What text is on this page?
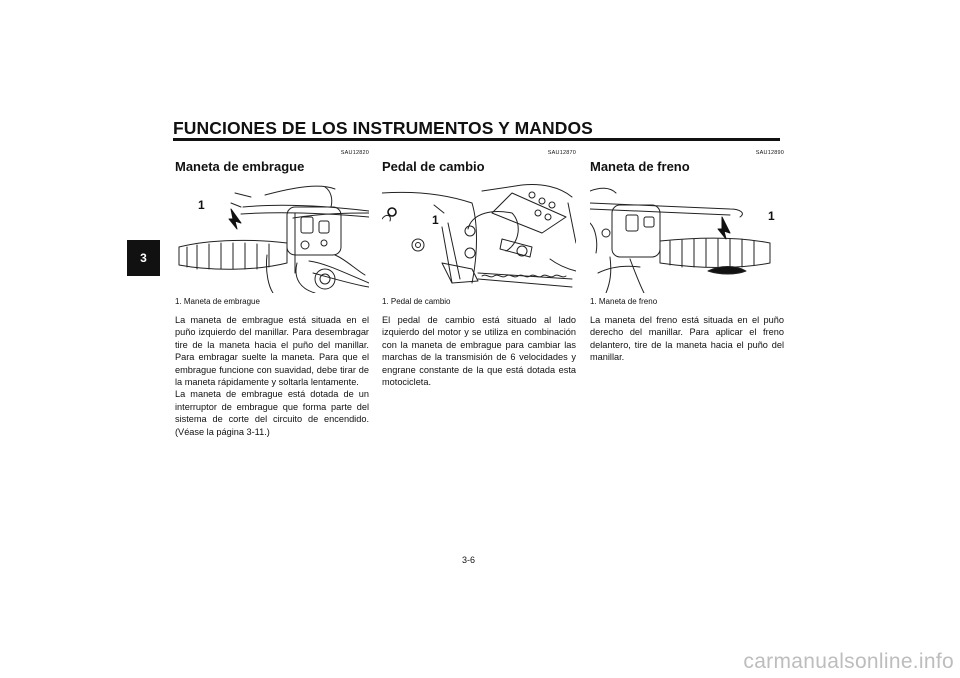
FUNCIONES DE LOS INSTRUMENTOS Y MANDOS
3
SAU12820
Maneta de embrague
1
1. Maneta de embrague

La maneta de embrague está situada en el puño izquierdo del manillar. Para desembragar tire de la maneta hacia el puño del manillar. Para embragar suelte la maneta. Para que el embrague funcione con suavidad, debe tirar de la maneta rápidamente y soltarla lentamente.

La maneta de embrague está dotada de un interruptor de embrague que forma parte del sistema de corte del circuito de encendido. (Véase la página 3-11.)

SAU12870
Pedal de cambio
1
1. Pedal de cambio

El pedal de cambio está situado al lado izquierdo del motor y se utiliza en combinación con la maneta de embrague para cambiar las marchas de la transmisión de 6 velocidades y engrane constante de la que está dotada esta motocicleta.

SAU12890
Maneta de freno
1
1. Maneta de freno

La maneta del freno está situada en el puño derecho del manillar. Para aplicar el freno delantero, tire de la maneta hacia el puño del manillar.

3-6
carmanualsonline.info
